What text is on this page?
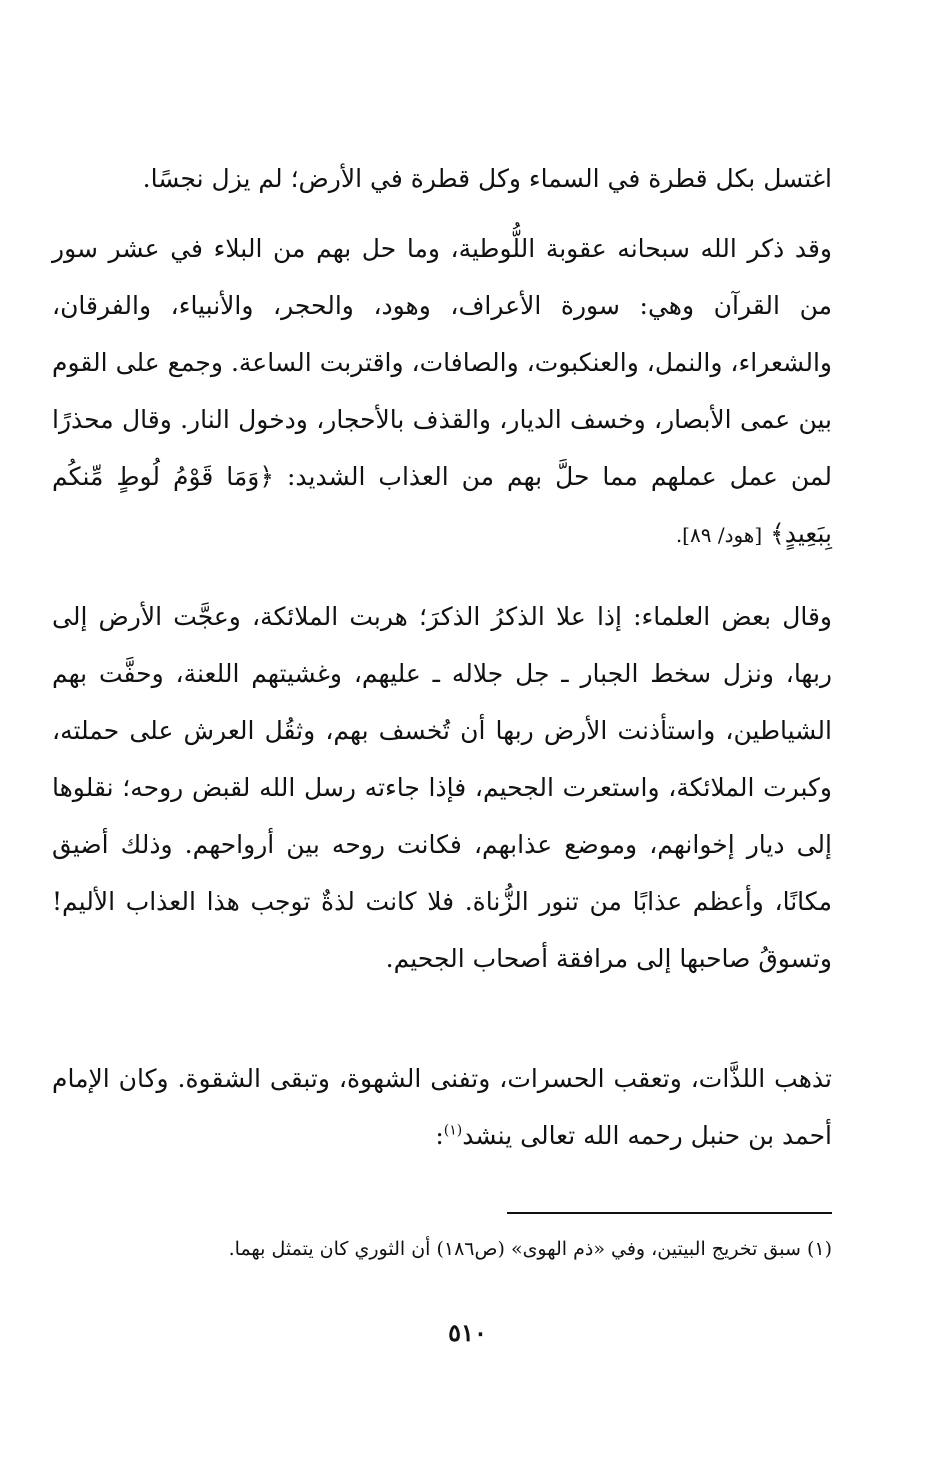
اغتسل بكل قطرة في السماء وكل قطرة في الأرض؛ لم يزل نجسًا.

وقد ذكر الله سبحانه عقوبة اللُّوطية، وما حل بهم من البلاء في عشر سور من القرآن وهي: سورة الأعراف، وهود، والحجر، والأنبياء، والفرقان، والشعراء، والنمل، والعنكبوت، والصافات، واقتربت الساعة. وجمع على القوم بين عمى الأبصار، وخسف الديار، والقذف بالأحجار، ودخول النار. وقال محذرًا لمن عمل عملهم مما حلَّ بهم من العذاب الشديد: ﴿وَمَا قَوْمُ لُوطٍ مِّنكُم بِبَعِيدٍ﴾ [هود/ ٨٩].

وقال بعض العلماء: إذا علا الذكرُ الذكرَ؛ هربت الملائكة، وعجَّت الأرض إلى ربها، ونزل سخط الجبار ـ جل جلاله ـ عليهم، وغشيتهم اللعنة، وحفَّت بهم الشياطين، واستأذنت الأرض ربها أن تُخسف بهم، وثقُل العرش على حملته، وكبرت الملائكة، واستعرت الجحيم، فإذا جاءته رسل الله لقبض روحه؛ نقلوها إلى ديار إخوانهم، وموضع عذابهم، فكانت روحه بين أرواحهم. وذلك أضيق مكانًا، وأعظم عذابًا من تنور الزُّناة. فلا كانت لذةٌ توجب هذا العذاب الأليم! وتسوقُ صاحبها إلى مرافقة أصحاب الجحيم.

تذهب اللذَّات، وتعقب الحسرات، وتفنى الشهوة، وتبقى الشقوة. وكان الإمام أحمد بن حنبل رحمه الله تعالى ينشد$^{(١)}$:

(١) سبق تخريج البيتين، وفي «ذم الهوى» (ص١٨٦) أن الثوري كان يتمثل بهما.

٥١٠
